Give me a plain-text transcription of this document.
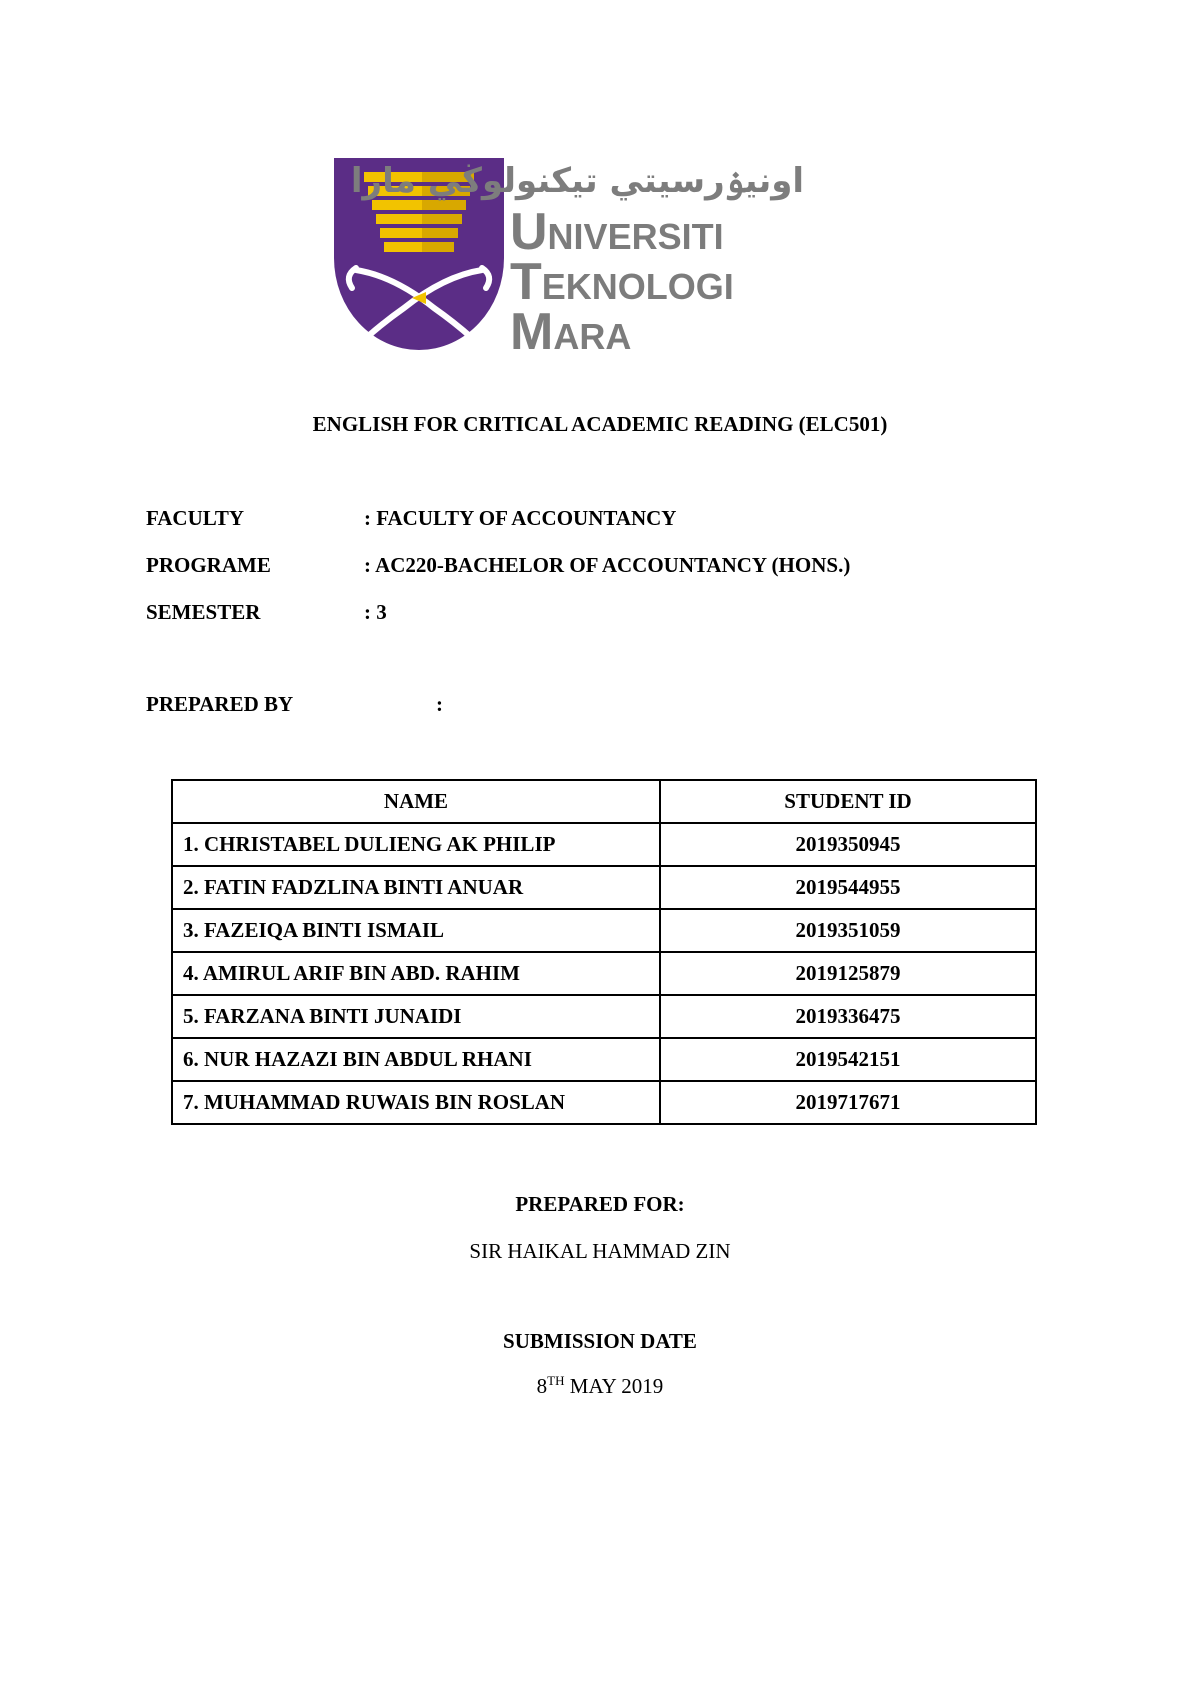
اونيۏرسيتي تيكنولوڬي مارا
Universiti
Teknologi
Mara
ENGLISH FOR CRITICAL ACADEMIC READING (ELC501)
FACULTY	: FACULTY OF ACCOUNTANCY
PROGRAME	: AC220-BACHELOR OF ACCOUNTANCY (HONS.)
SEMESTER	: 3
PREPARED BY	:
NAME	STUDENT ID
1. CHRISTABEL DULIENG AK PHILIP	2019350945
2. FATIN FADZLINA BINTI ANUAR	2019544955
3. FAZEIQA BINTI ISMAIL	2019351059
4. AMIRUL ARIF BIN ABD. RAHIM	2019125879
5. FARZANA BINTI JUNAIDI	2019336475
6. NUR HAZAZI BIN ABDUL RHANI	2019542151
7. MUHAMMAD RUWAIS BIN ROSLAN	2019717671
PREPARED FOR:
SIR HAIKAL HAMMAD ZIN
SUBMISSION DATE
8TH MAY 2019
